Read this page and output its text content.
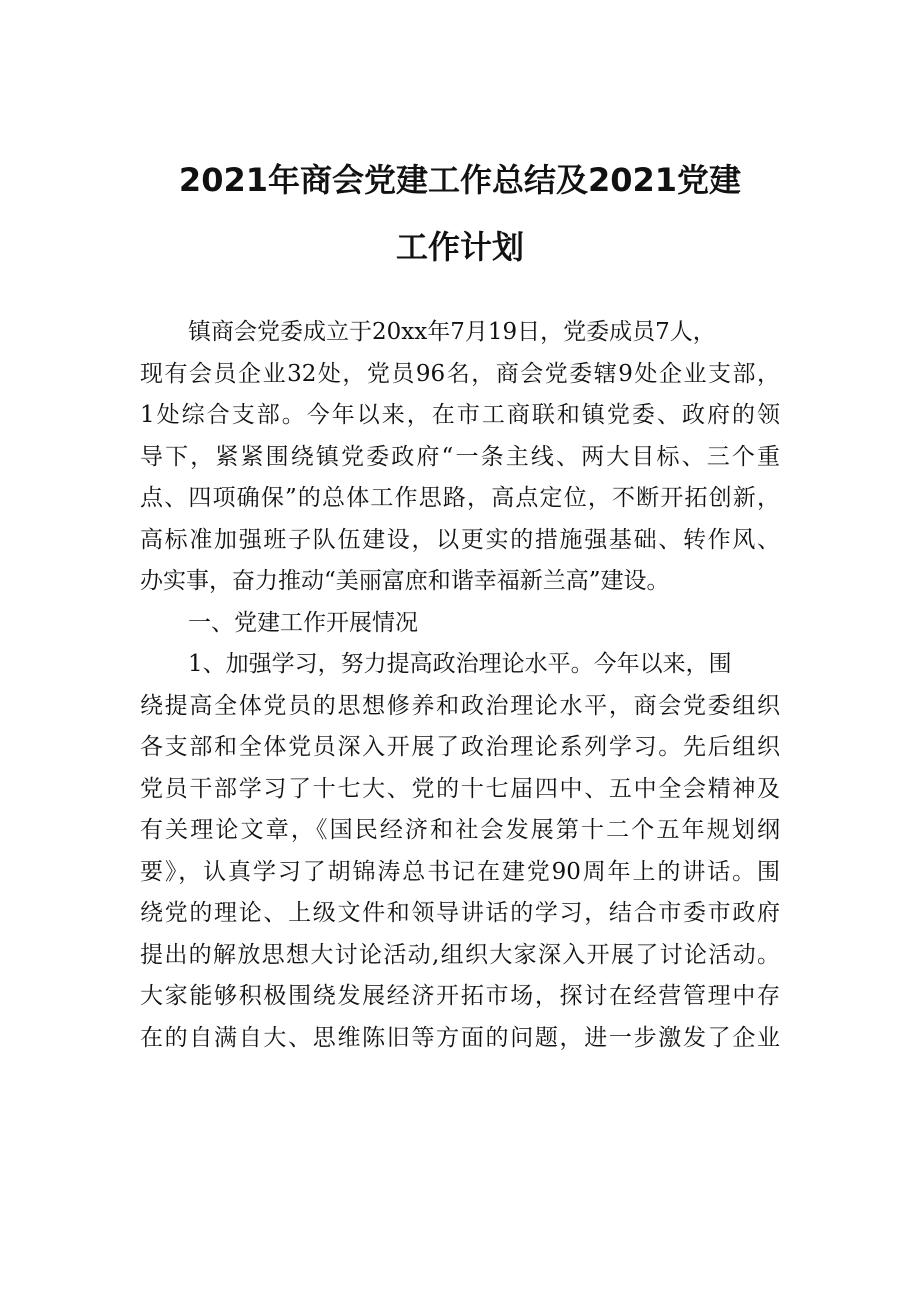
2021年商会党建工作总结及2021党建
工作计划
镇商会党委成立于20xx年7月19日，党委成员7人，
现有会员企业32处，党员96名，商会党委辖9处企业支部，
1处综合支部。今年以来，在市工商联和镇党委、政府的领
导下，紧紧围绕镇党委政府“一条主线、两大目标、三个重
点、四项确保”的总体工作思路，高点定位，不断开拓创新，
高标准加强班子队伍建设，以更实的措施强基础、转作风、
办实事，奋力推动“美丽富庶和谐幸福新兰高”建设。
一、党建工作开展情况
1、加强学习，努力提高政治理论水平。今年以来，围
绕提高全体党员的思想修养和政治理论水平，商会党委组织
各支部和全体党员深入开展了政治理论系列学习。先后组织
党员干部学习了十七大、党的十七届四中、五中全会精神及
有关理论文章，《国民经济和社会发展第十二个五年规划纲
要》，认真学习了胡锦涛总书记在建党90周年上的讲话。围
绕党的理论、上级文件和领导讲话的学习，结合市委市政府
提出的解放思想大讨论活动,组织大家深入开展了讨论活动。
大家能够积极围绕发展经济开拓市场，探讨在经营管理中存
在的自满自大、思维陈旧等方面的问题，进一步激发了企业
